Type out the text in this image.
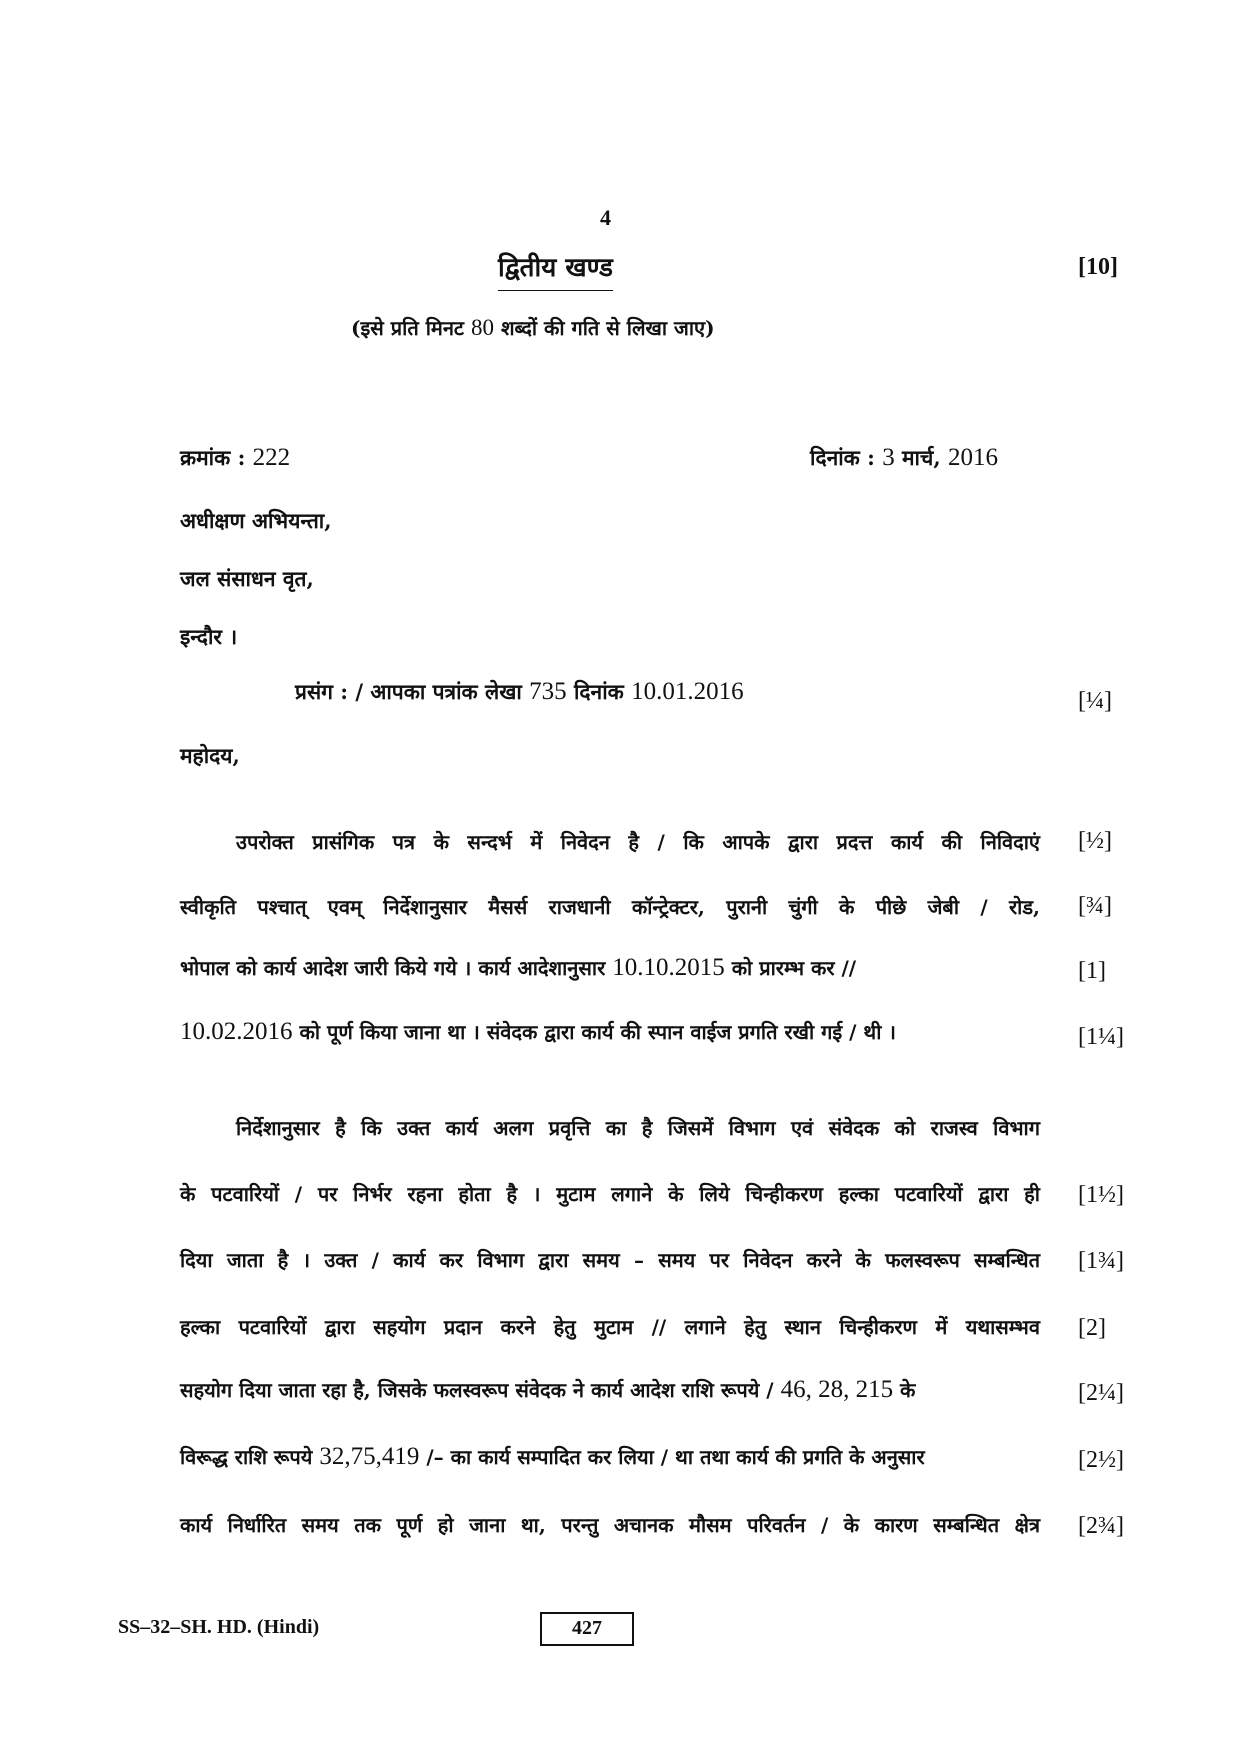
4
द्वितीय खण्ड	[10]
(इसे प्रति मिनट 80 शब्दों की गति से लिखा जाए)
क्रमांक : 222	दिनांक : 3 मार्च, 2016
अधीक्षण अभियन्ता,
जल संसाधन वृत,
इन्दौर ।
प्रसंग : / आपका पत्रांक लेखा 735 दिनांक 10.01.2016	[¼]
महोदय,
उपरोक्त प्रासंगिक पत्र के सन्दर्भ में निवेदन है / कि आपके द्वारा प्रदत्त कार्य की निविदाएं [½]
स्वीकृति पश्चात् एवम् निर्देशानुसार मैसर्स राजधानी कॉन्ट्रेक्टर, पुरानी चुंगी के पीछे जेबी / रोड, [¾]
भोपाल को कार्य आदेश जारी किये गये । कार्य आदेशानुसार 10.10.2015 को प्रारम्भ कर //	[1]
10.02.2016 को पूर्ण किया जाना था । संवेदक द्वारा कार्य की स्पान वाईज प्रगति रखी गई / थी ।	[1¼]
निर्देशानुसार है कि उक्त कार्य अलग प्रवृत्ति का है जिसमें विभाग एवं संवेदक को राजस्व विभाग
के पटवारियों / पर निर्भर रहना होता है । मुटाम लगाने के लिये चिन्हीकरण हल्का पटवारियों द्वारा ही [1½]
दिया जाता है । उक्त / कार्य कर विभाग द्वारा समय – समय पर निवेदन करने के फलस्वरूप सम्बन्धित [1¾]
हल्का पटवारियों द्वारा सहयोग प्रदान करने हेतु मुटाम // लगाने हेतु स्थान चिन्हीकरण में यथासम्भव [2]
सहयोग दिया जाता रहा है, जिसके फलस्वरूप संवेदक ने कार्य आदेश राशि रूपये / 46, 28, 215 के	[2¼]
विरूद्ध राशि रूपये 32,75,419 /– का कार्य सम्पादित कर लिया / था तथा कार्य की प्रगति के अनुसार	[2½]
कार्य निर्धारित समय तक पूर्ण हो जाना था, परन्तु अचानक मौसम परिवर्तन / के कारण सम्बन्धित क्षेत्र [2¾]
SS–32–SH. HD. (Hindi)	427
